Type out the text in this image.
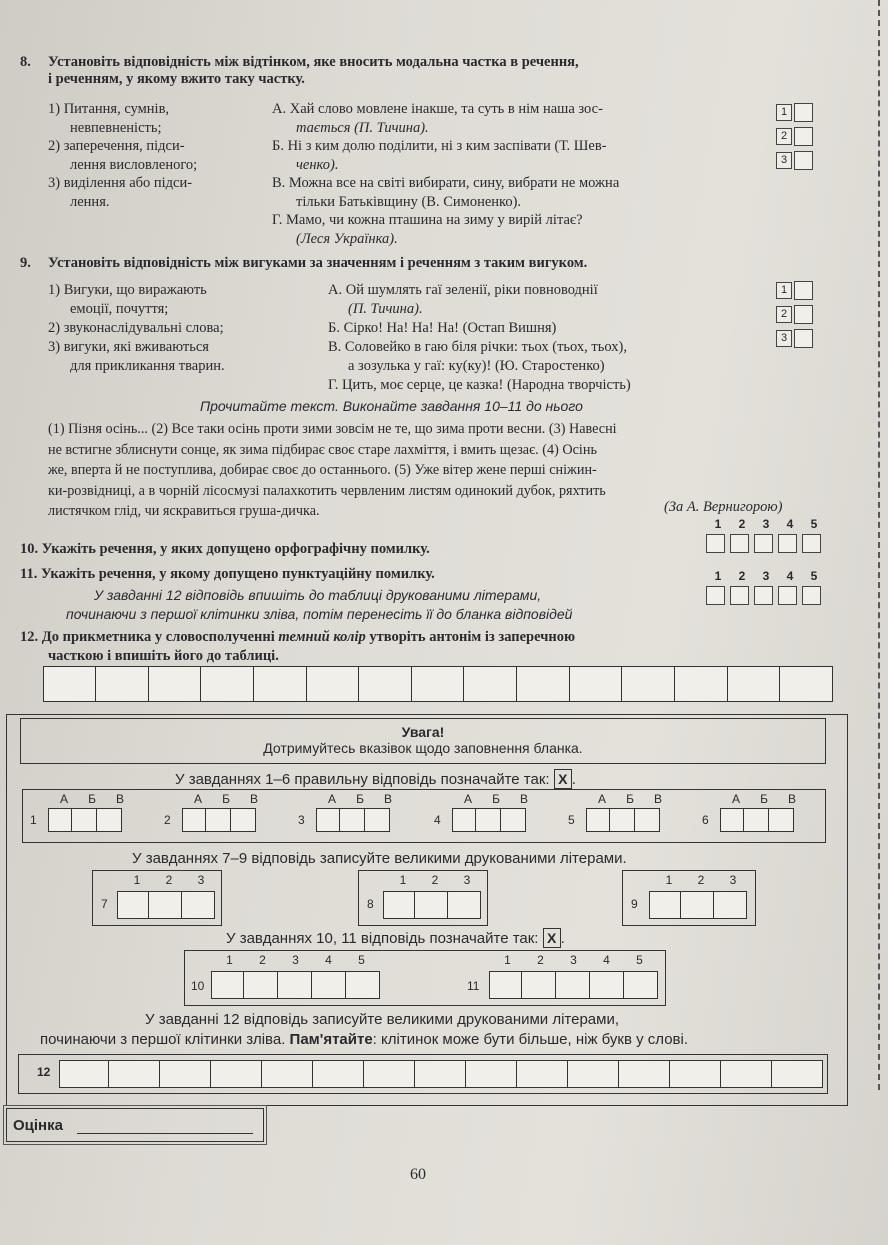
8. Установіть відповідність між відтінком, яке вносить модальна частка в речення,
і реченням, у якому вжито таку частку.
1) Питання, сумнів,
невпевненість;
2) заперечення, підси-
лення висловленого;
3) виділення або підси-
лення.
А. Хай слово мовлене інакше, та суть в нім наша зос-
тається (П. Тичина).
Б. Ні з ким долю поділити, ні з ким заспівати (Т. Шев-
ченко).
В. Можна все на світі вибирати, сину, вибрати не можна
тільки Батьківщину (В. Симоненко).
Г. Мамо, чи кожна пташина на зиму у вирій літає?
(Леся Українка).
1
2
3
9. Установіть відповідність між вигуками за значенням і реченням з таким вигуком.
1) Вигуки, що виражають
емоції, почуття;
2) звуконаслідувальні слова;
3) вигуки, які вживаються
для прикликання тварин.
А. Ой шумлять гаї зеленії, ріки повноводнії
(П. Тичина).
Б. Сірко! На! На! На! (Остап Вишня)
В. Соловейко в гаю біля річки: тьох (тьох, тьох),
а зозулька у гаї: ку(ку)! (Ю. Старостенко)
Г. Цить, моє серце, це казка! (Народна творчість)
1
2
3
Прочитайте текст. Виконайте завдання 10–11 до нього
(1) Пізня осінь... (2) Все таки осінь проти зими зовсім не те, що зима проти весни. (3) Навесні
не встигне зблиснути сонце, як зима підбирає своє старе лахміття, і вмить щезає. (4) Осінь
же, вперта й не поступлива, добирає своє до останнього. (5) Уже вітер жене перші сніжин-
ки-розвідниці, а в чорній лісосмузі палахкотить червленим листям одинокий дубок, ряхтить
листячком глід, чи яскравиться груша-дичка.	(За А. Вернигорою)
10. Укажіть речення, у яких допущено орфографічну помилку.
1 2 3 4 5
11. Укажіть речення, у якому допущено пунктуаційну помилку.	1 2 3 4 5
У завданні 12 відповідь впишіть до таблиці друкованими літерами,
починаючи з першої клітинки зліва, потім перенесіть її до бланка відповідей
12. До прикметника у словосполученні темний колір утворіть антонім із заперечною
часткою і впишіть його до таблиці.
Увага!
Дотримуйтесь вказівок щодо заповнення бланка.
У завданнях 1–6 правильну відповідь позначайте так: X .
А Б В
1
А Б В
2
А Б В
3
А Б В
4
А Б В
5
А Б В
6
У завданнях 7–9 відповідь записуйте великими друкованими літерами.
1 2 3
7
1 2 3
8
1 2 3
9
У завданнях 10, 11 відповідь позначайте так: X .
1 2 3 4 5
10
1 2 3 4 5
11
У завданні 12 відповідь записуйте великими друкованими літерами,
починаючи з першої клітинки зліва. Пам'ятайте: клітинок може бути більше, ніж букв у слові.
12
Оцінка
60
